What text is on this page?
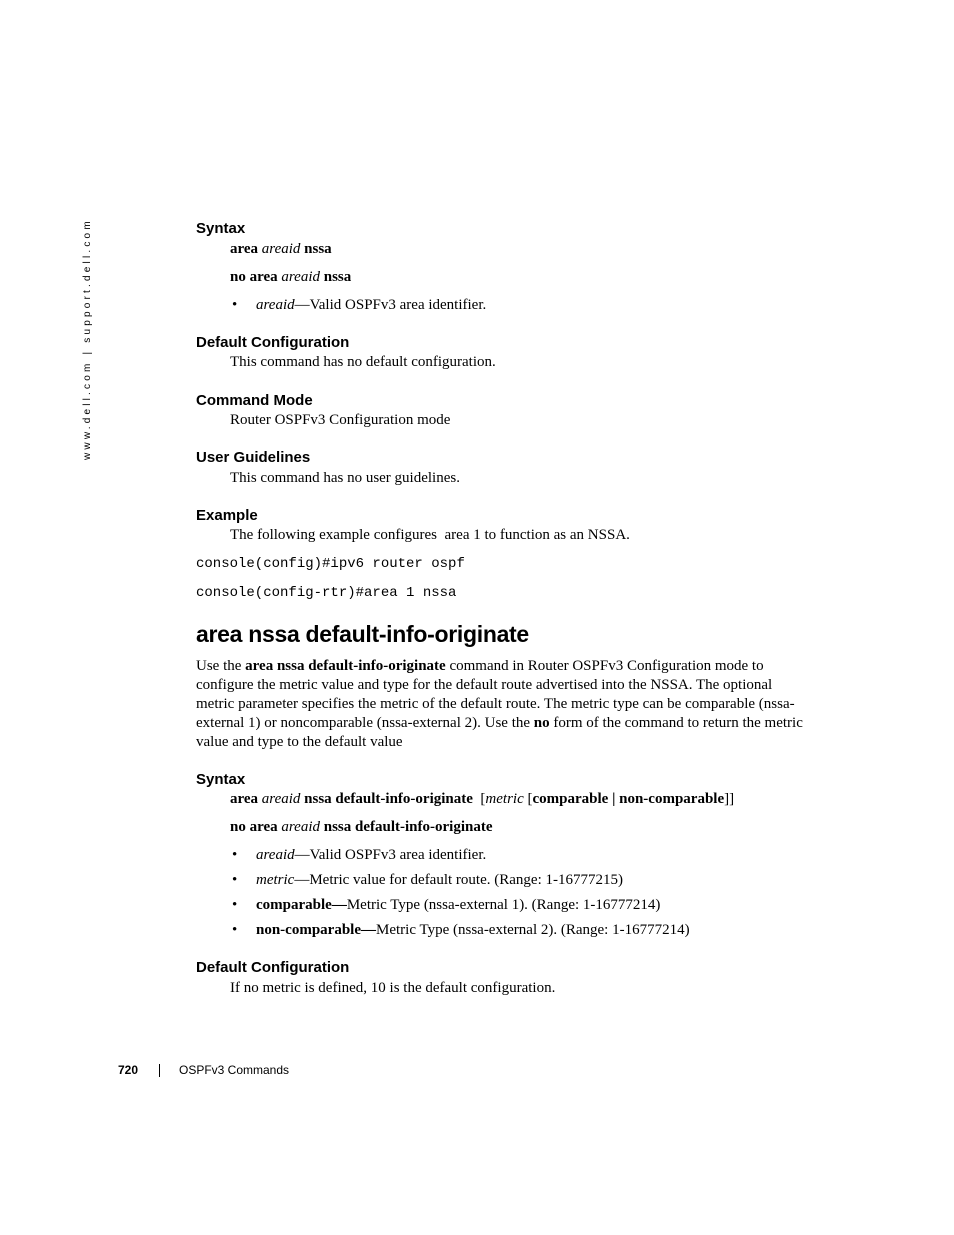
www.dell.com | support.dell.com	Syntax
area areaid nssa
no area areaid nssa
• areaid—Valid OSPFv3 area identifier.
Default Configuration
This command has no default configuration.
Command Mode
Router OSPFv3 Configuration mode
User Guidelines
This command has no user guidelines.
Example
The following example configures  area 1 to function as an NSSA.
console(config)#ipv6 router ospf
console(config-rtr)#area 1 nssa
area nssa default-info-originate
Use the area nssa default-info-originate command in Router OSPFv3 Configuration mode to configure the metric value and type for the default route advertised into the NSSA. The optional metric parameter specifies the metric of the default route. The metric type can be comparable (nssa-external 1) or noncomparable (nssa-external 2). Use the no form of the command to return the metric value and type to the default value
Syntax
area areaid nssa default-info-originate  [metric [comparable | non-comparable]]
no area areaid nssa default-info-originate
• areaid—Valid OSPFv3 area identifier.
• metric—Metric value for default route. (Range: 1-16777215)
• comparable—Metric Type (nssa-external 1). (Range: 1-16777214)
• non-comparable—Metric Type (nssa-external 2). (Range: 1-16777214)
Default Configuration
If no metric is defined, 10 is the default configuration.
720	OSPFv3 Commands
